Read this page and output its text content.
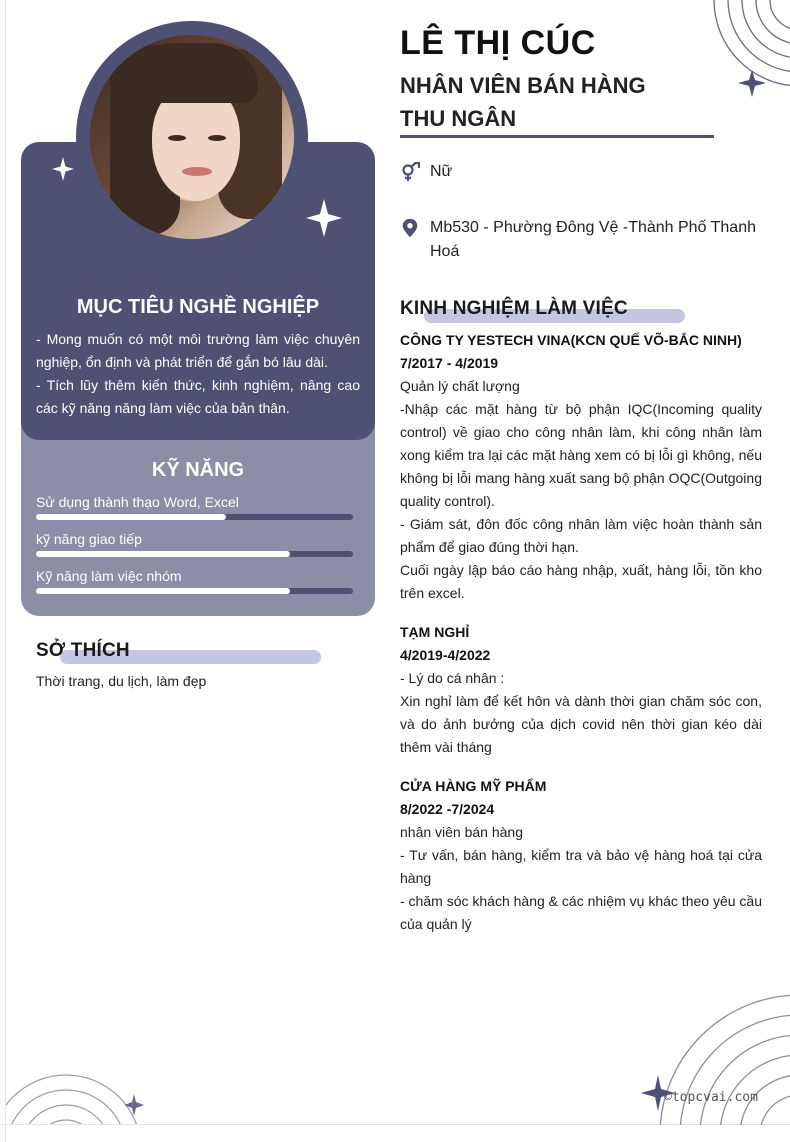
MỤC TIÊU NGHỀ NGHIỆP

- Mong muốn có một môi trường làm việc chuyên nghiệp, ổn định và phát triển để gắn bó lâu dài.

- Tích lũy thêm kiến thức, kinh nghiệm, nâng cao các kỹ năng năng làm việc của bản thân.

KỸ NĂNG
Sử dụng thành thạo Word, Excel
kỹ năng giao tiếp
Kỹ năng làm việc nhóm
SỞ THÍCH
Thời trang, du lịch, làm đẹp
LÊ THỊ CÚC
NHÂN VIÊN BÁN HÀNG
THU NGÂN
Nữ
Mb530 - Phường Đông Vệ -Thành Phố Thanh Hoá
KINH NGHIỆM LÀM VIỆC
CÔNG TY YESTECH VINA(KCN QUẾ VÕ-BẮC NINH)
7/2017 - 4/2019

Quản lý chất lượng

-Nhập các mặt hàng từ bộ phận IQC(Incoming quality control) về giao cho công nhân làm, khi công nhân làm xong kiểm tra lại các mặt hàng xem có bị lỗi gì không, nếu không bị lỗi mang hàng xuất sang bộ phận OQC(Outgoing quality control).

- Giám sát, đôn đốc công nhân làm việc hoàn thành sản phẩm để giao đúng thời hạn.

Cuối ngày lập báo cáo hàng nhập, xuất, hàng lỗi, tồn kho trên excel.

TẠM NGHỈ
4/2019-4/2022

- Lý do cá nhân :

Xin nghỉ làm để kết hôn và dành thời gian chăm sóc con, và do ảnh bưởng của dịch covid nên thời gian kéo dài thêm vài tháng

CỬA HÀNG MỸ PHẨM
8/2022 -7/2024

nhân viên bán hàng

- Tư vấn, bán hàng, kiểm tra và bảo vệ hàng hoá tại cửa hàng

- chăm sóc khách hàng & các nhiệm vụ khác theo yêu cầu của quản lý

©topcvai.com
